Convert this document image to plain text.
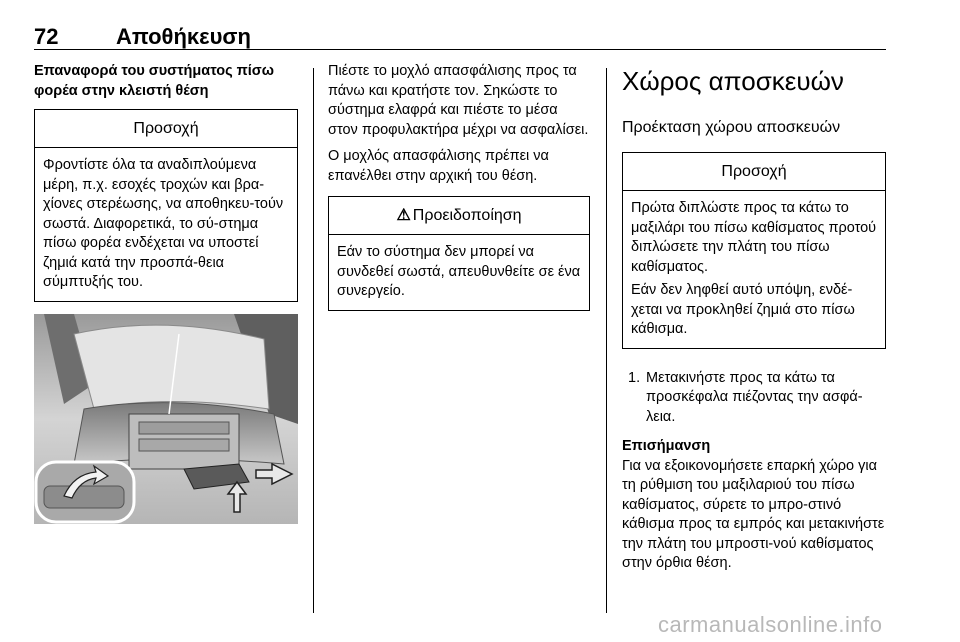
72	Αποθήκευση
Επαναφορά του συστήματος πίσω φορέα στην κλειστή θέση
Προσοχή

Φροντίστε όλα τα αναδιπλούμενα μέρη, π.χ. εσοχές τροχών και βρα-χίονες στερέωσης, να αποθηκευ-τούν σωστά. Διαφορετικά, το σύ-στημα πίσω φορέα ενδέχεται να υποστεί ζημιά κατά την προσπά-θεια σύμπτυξής του.

Πιέστε το μοχλό απασφάλισης προς τα πάνω και κρατήστε τον. Σηκώστε το σύστημα ελαφρά και πιέστε το μέσα στον προφυλακτήρα μέχρι να ασφαλίσει.

Ο μοχλός απασφάλισης πρέπει να επανέλθει στην αρχική του θέση.

⚠ Προειδοποίηση

Εάν το σύστημα δεν μπορεί να συνδεθεί σωστά, απευθυνθείτε σε ένα συνεργείο.

Χώρος αποσκευών
Προέκταση χώρου αποσκευών
Προσοχή

Πρώτα διπλώστε προς τα κάτω το μαξιλάρι του πίσω καθίσματος προτού διπλώσετε την πλάτη του πίσω καθίσματος.

Εάν δεν ληφθεί αυτό υπόψη, ενδέ-χεται να προκληθεί ζημιά στο πίσω κάθισμα.

1. Μετακινήστε προς τα κάτω τα προσκέφαλα πιέζοντας την ασφά-λεια.
Επισήμανση

Για να εξοικονομήσετε επαρκή χώρο για τη ρύθμιση του μαξιλαριού του πίσω καθίσματος, σύρετε το μπρο-στινό κάθισμα προς τα εμπρός και μετακινήστε την πλάτη του μπροστι-νού καθίσματος στην όρθια θέση.

carmanualsonline.info
